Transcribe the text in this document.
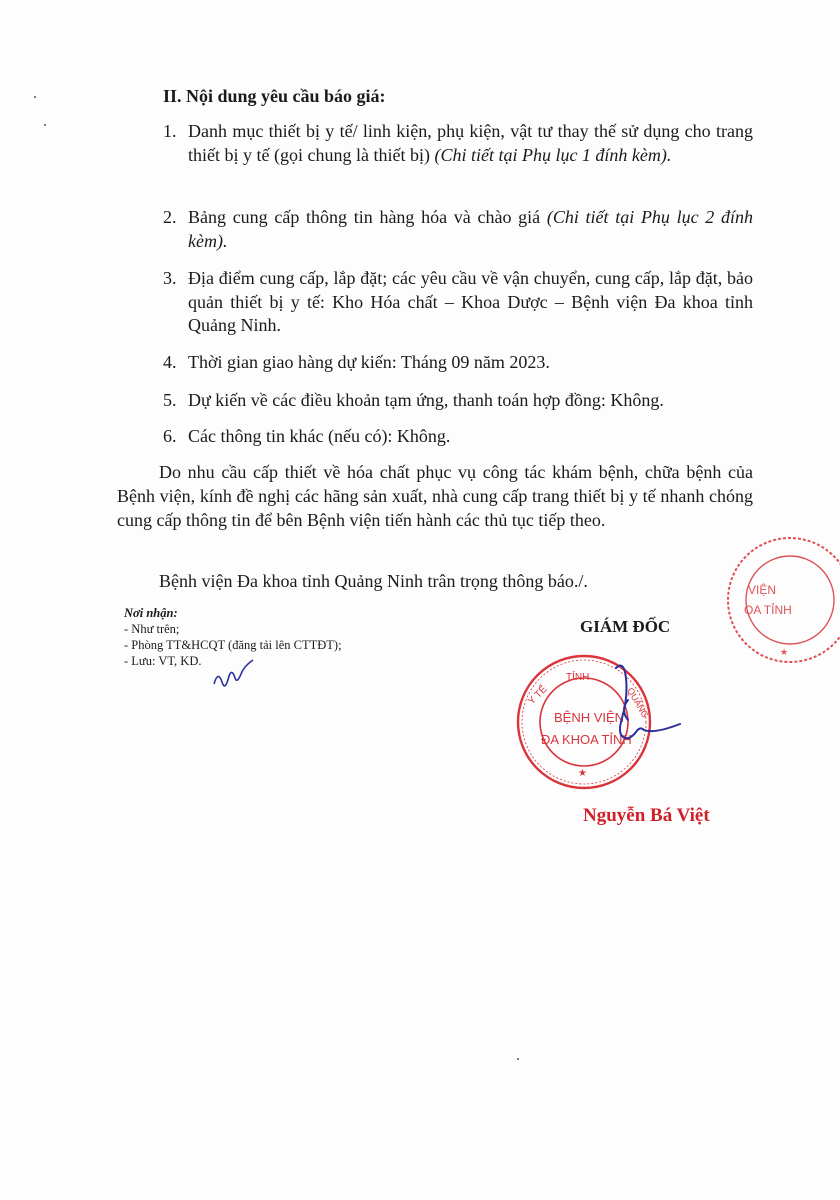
II. Nội dung yêu cầu báo giá:
1. Danh mục thiết bị y tế/ linh kiện, phụ kiện, vật tư thay thế sử dụng cho trang thiết bị y tế (gọi chung là thiết bị) (Chi tiết tại Phụ lục 1 đính kèm).
2. Bảng cung cấp thông tin hàng hóa và chào giá (Chi tiết tại Phụ lục 2 đính kèm).
3. Địa điểm cung cấp, lắp đặt; các yêu cầu về vận chuyển, cung cấp, lắp đặt, bảo quản thiết bị y tế: Kho Hóa chất – Khoa Dược – Bệnh viện Đa khoa tỉnh Quảng Ninh.
4. Thời gian giao hàng dự kiến: Tháng 09 năm 2023.
5. Dự kiến về các điều khoản tạm ứng, thanh toán hợp đồng: Không.
6. Các thông tin khác (nếu có): Không.
Do nhu cầu cấp thiết về hóa chất phục vụ công tác khám bệnh, chữa bệnh của Bệnh viện, kính đề nghị các hãng sản xuất, nhà cung cấp trang thiết bị y tế nhanh chóng cung cấp thông tin để bên Bệnh viện tiến hành các thủ tục tiếp theo.
Bệnh viện Đa khoa tỉnh Quảng Ninh trân trọng thông báo./.
Nơi nhận:
- Như trên;
- Phòng TT&HCQT (đăng tải lên CTTĐT);
- Lưu: VT, KD.
GIÁM ĐỐC
VIỆN
OA TỈNH
★
TỈNH
Y TẾ	QUẢNG
BỆNH VIỆN
ĐA KHOA TỈNH
★
Nguyễn Bá Việt
